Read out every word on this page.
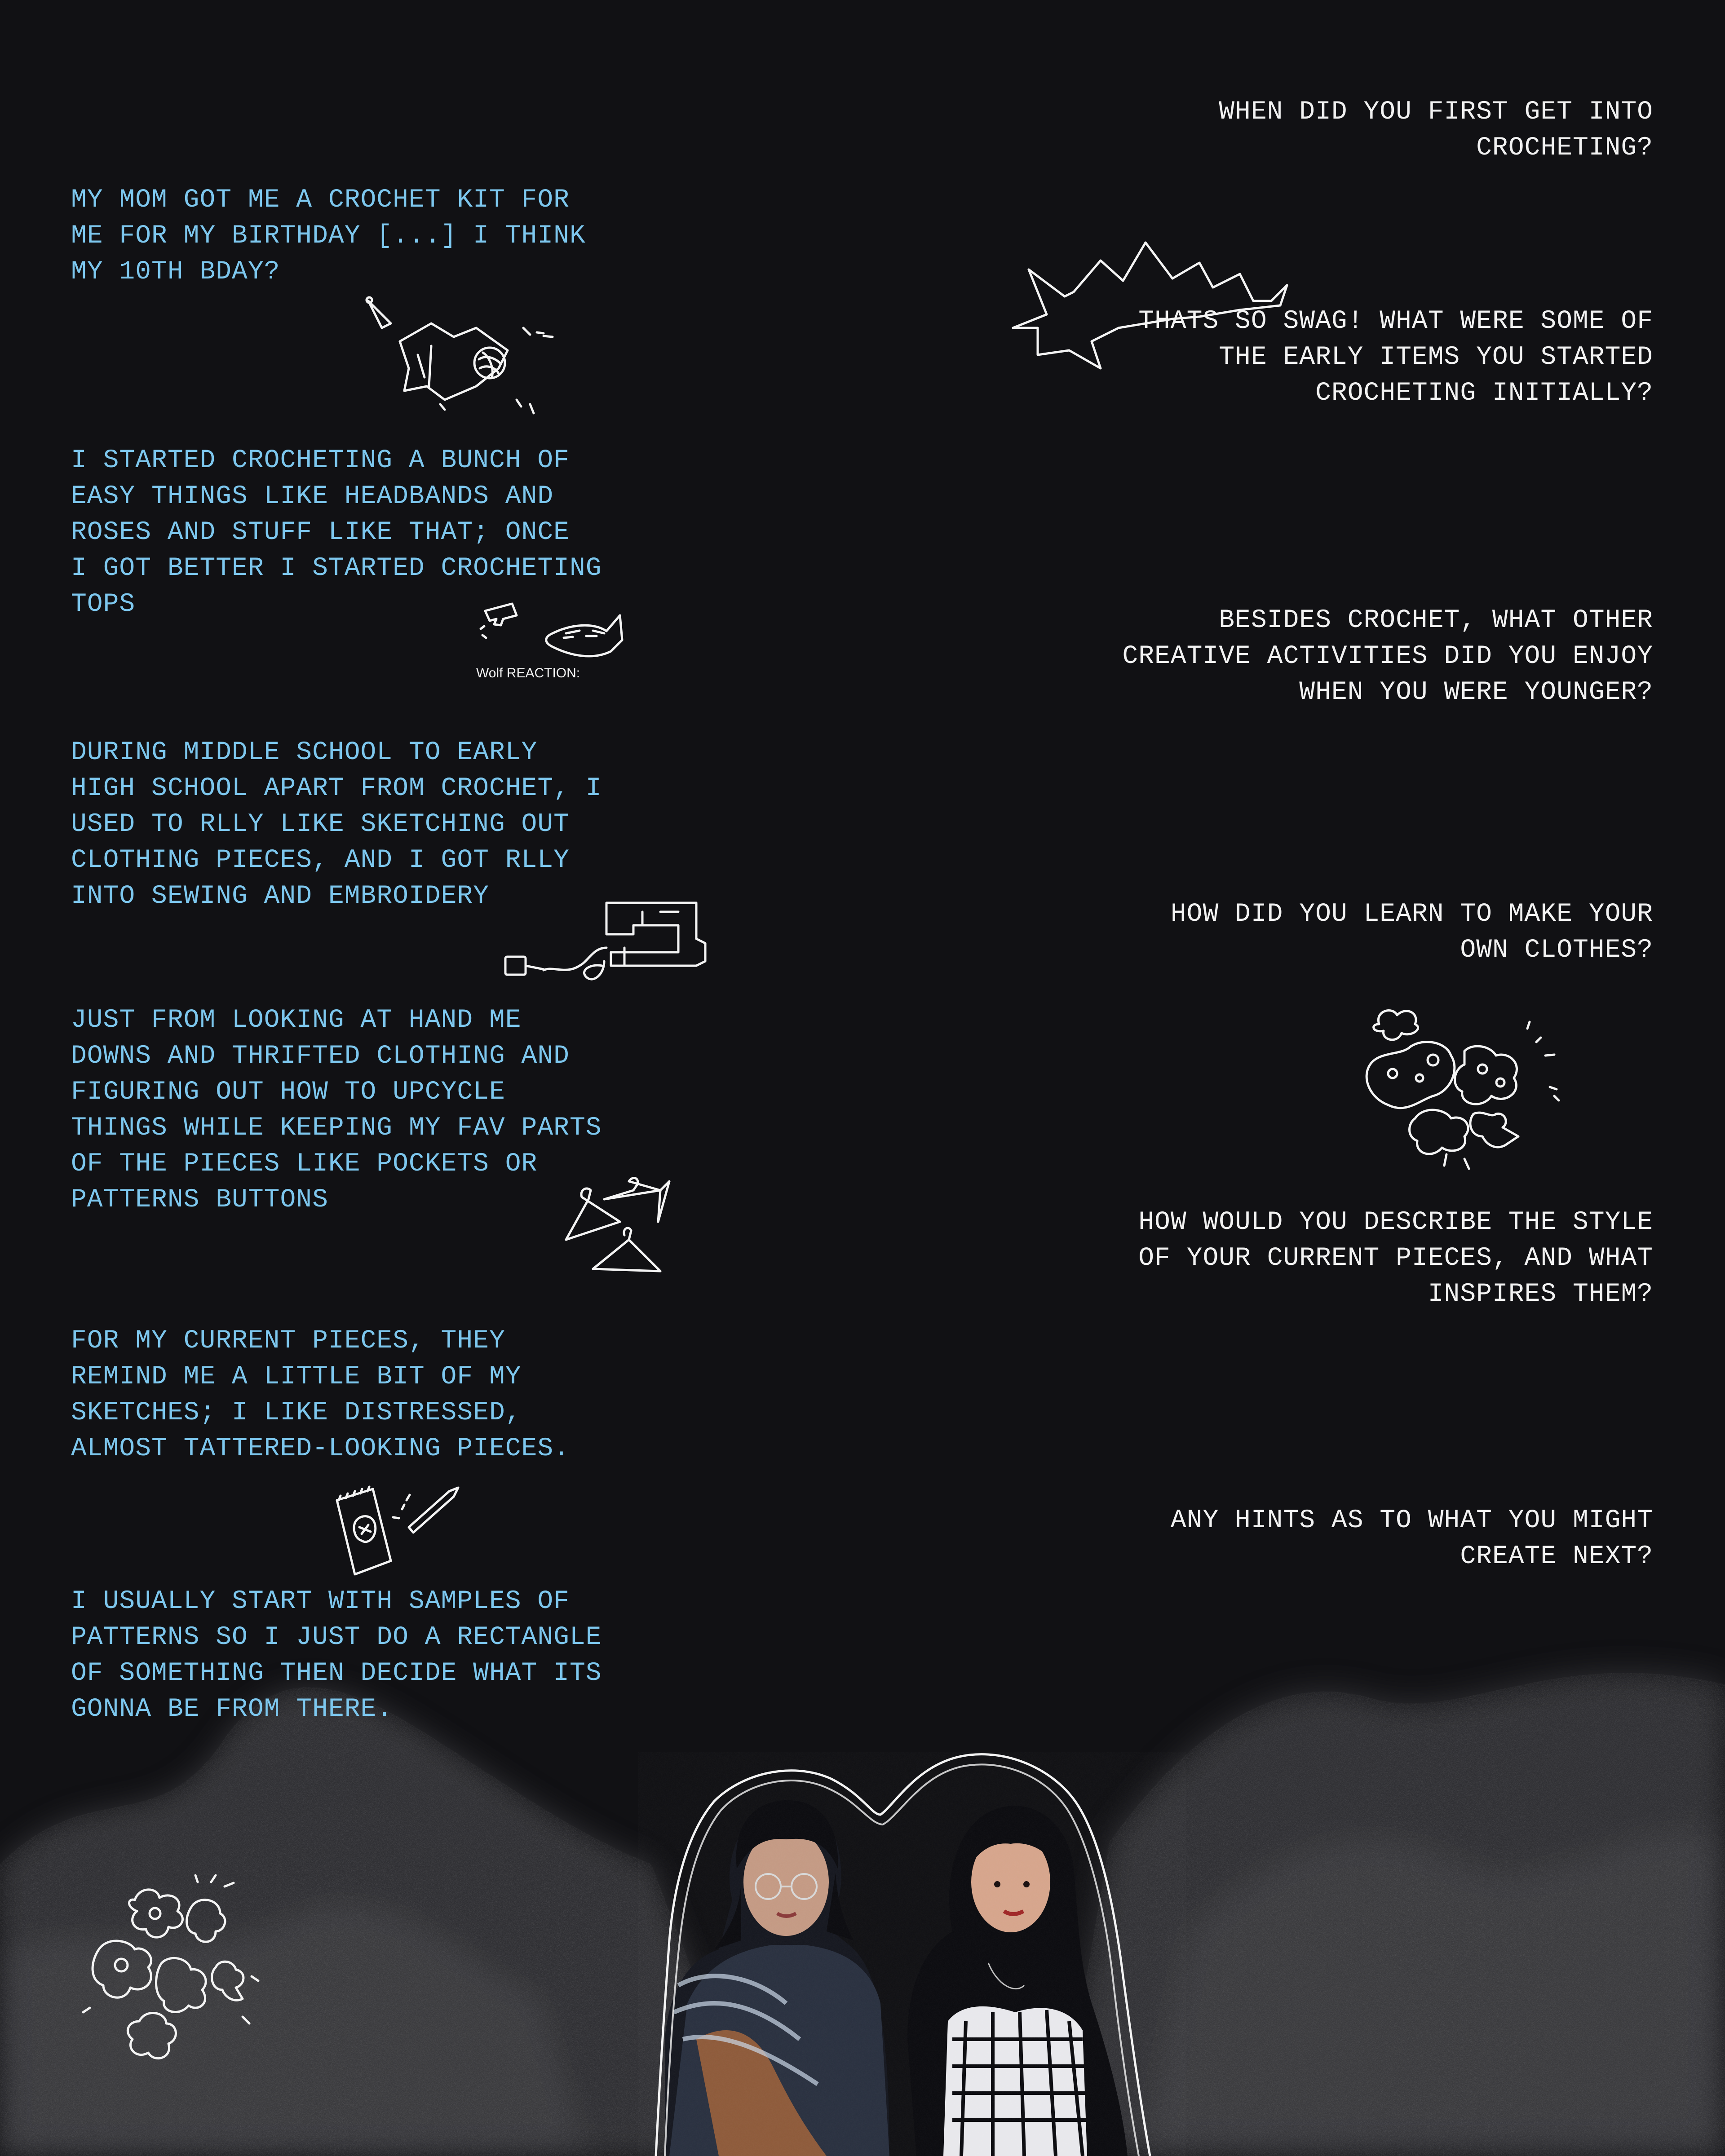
WHEN DID YOU FIRST GET INTO
CROCHETING?
THATS SO SWAG! WHAT WERE SOME OF
THE EARLY ITEMS YOU STARTED
CROCHETING INITIALLY?
BESIDES CROCHET, WHAT OTHER
CREATIVE ACTIVITIES DID YOU ENJOY
WHEN YOU WERE YOUNGER?
HOW DID YOU LEARN TO MAKE YOUR
OWN CLOTHES?
HOW WOULD YOU DESCRIBE THE STYLE
OF YOUR CURRENT PIECES, AND WHAT
INSPIRES THEM?
ANY HINTS AS TO WHAT YOU MIGHT
CREATE NEXT?
MY MOM GOT ME A CROCHET KIT FOR
ME FOR MY BIRTHDAY [...] I THINK
MY 10TH BDAY?
I STARTED CROCHETING A BUNCH OF
EASY THINGS LIKE HEADBANDS AND
ROSES AND STUFF LIKE THAT; ONCE
I GOT BETTER I STARTED CROCHETING
TOPS
DURING MIDDLE SCHOOL TO EARLY
HIGH SCHOOL APART FROM CROCHET, I
USED TO RLLY LIKE SKETCHING OUT
CLOTHING PIECES, AND I GOT RLLY
INTO SEWING AND EMBROIDERY
JUST FROM LOOKING AT HAND ME
DOWNS AND THRIFTED CLOTHING AND
FIGURING OUT HOW TO UPCYCLE
THINGS WHILE KEEPING MY FAV PARTS
OF THE PIECES LIKE POCKETS OR
PATTERNS BUTTONS
FOR MY CURRENT PIECES, THEY
REMIND ME A LITTLE BIT OF MY
SKETCHES; I LIKE DISTRESSED,
ALMOST TATTERED-LOOKING PIECES.
I USUALLY START WITH SAMPLES OF
PATTERNS SO I JUST DO A RECTANGLE
OF SOMETHING THEN DECIDE WHAT ITS
GONNA BE FROM THERE.
Wolf REACTION:
